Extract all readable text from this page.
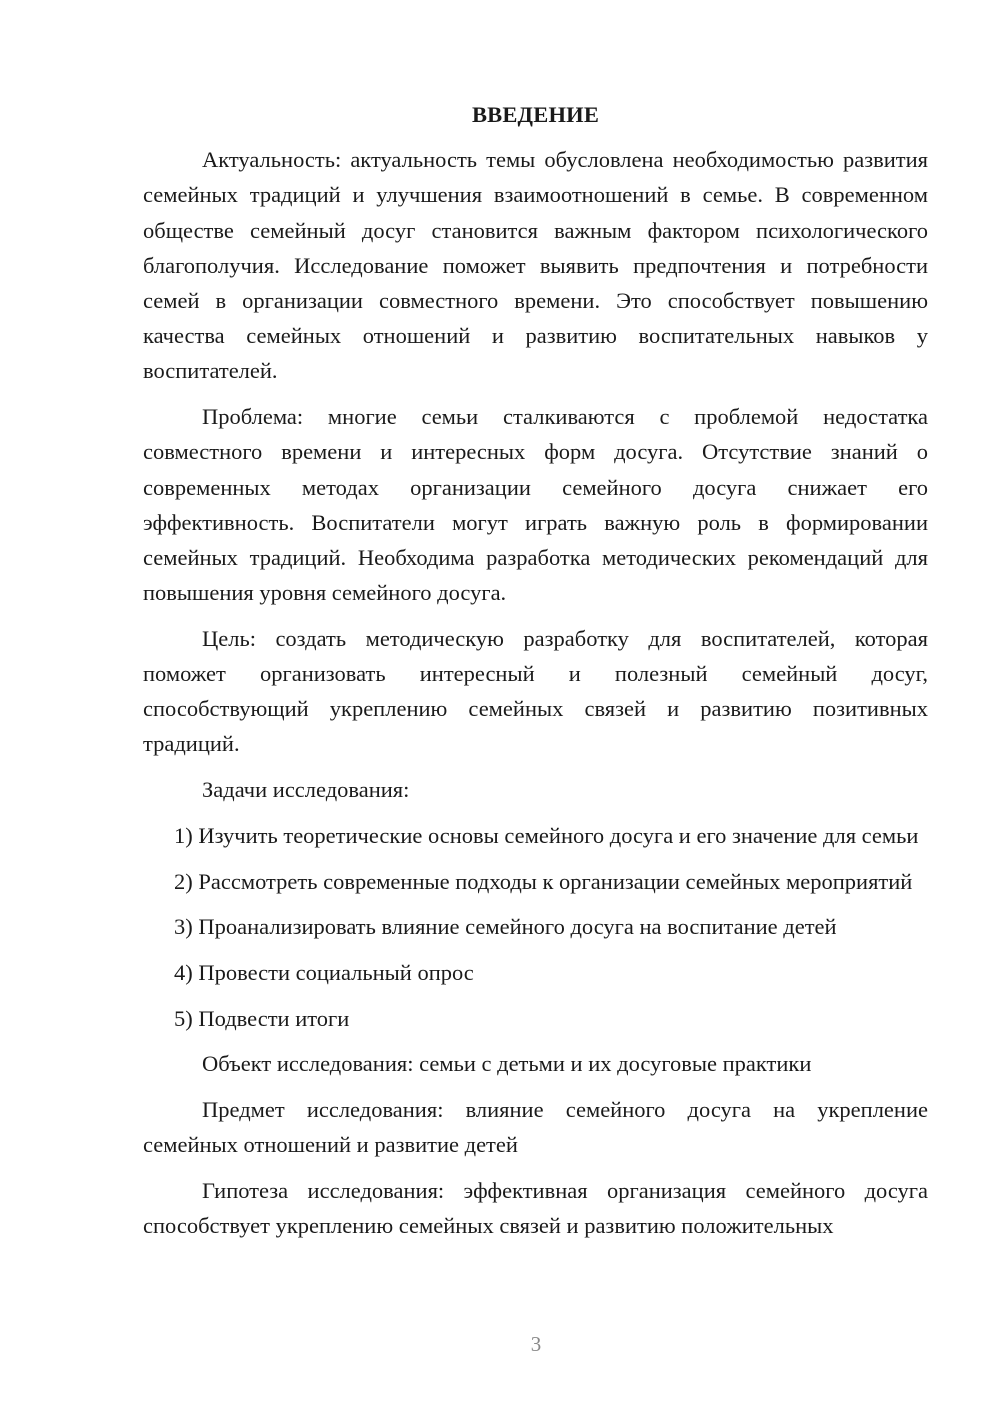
ВВЕДЕНИЕ

Актуальность: актуальность темы обусловлена необходимостью развития семейных традиций и улучшения взаимоотношений в семье. В современном обществе семейный досуг становится важным фактором психологического благополучия. Исследование поможет выявить предпочтения и потребности семей в организации совместного времени. Это способствует повышению качества семейных отношений и развитию воспитательных навыков у воспитателей.

Проблема: многие семьи сталкиваются с проблемой недостатка совместного времени и интересных форм досуга. Отсутствие знаний о современных методах организации семейного досуга снижает его эффективность. Воспитатели могут играть важную роль в формировании семейных традиций. Необходима разработка методических рекомендаций для повышения уровня семейного досуга.

Цель: создать методическую разработку для воспитателей, которая поможет организовать интересный и полезный семейный досуг, способствующий укреплению семейных связей и развитию позитивных традиций.

Задачи исследования:

1) Изучить теоретические основы семейного досуга и его значение для семьи

2) Рассмотреть современные подходы к организации семейных мероприятий

3) Проанализировать влияние семейного досуга на воспитание детей

4) Провести социальный опрос

5) Подвести итоги

Объект исследования: семьи с детьми и их досуговые практики

Предмет исследования: влияние семейного досуга на укрепление семейных отношений и развитие детей

Гипотеза исследования: эффективная организация семейного досуга способствует укреплению семейных связей и развитию положительных

3
